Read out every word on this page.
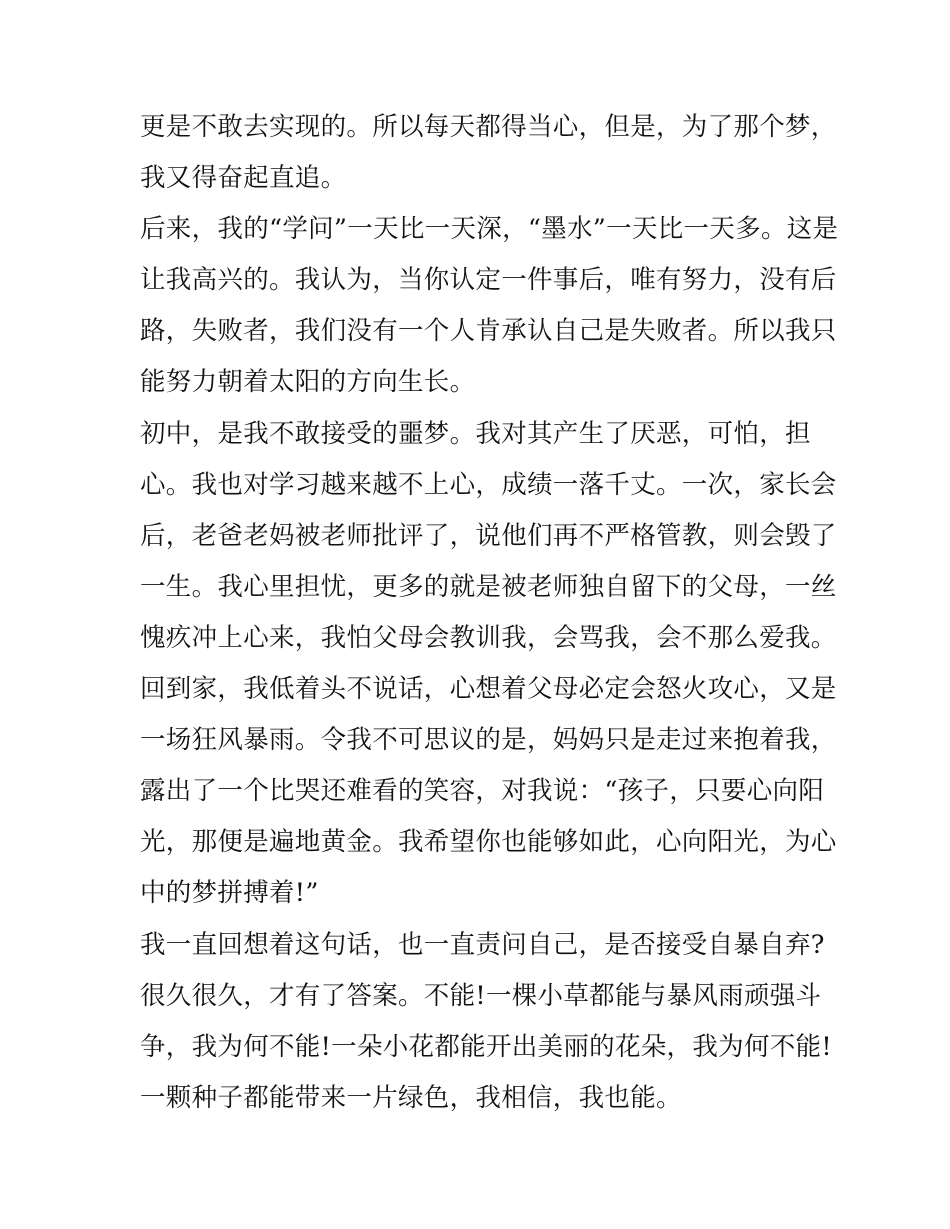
更是不敢去实现的。所以每天都得当心，但是，为了那个梦，
我又得奋起直追。
后来，我的“学问”一天比一天深，“墨水”一天比一天多。这是
让我高兴的。我认为，当你认定一件事后，唯有努力，没有后
路，失败者，我们没有一个人肯承认自己是失败者。所以我只
能努力朝着太阳的方向生长。
初中，是我不敢接受的噩梦。我对其产生了厌恶，可怕，担
心。我也对学习越来越不上心，成绩一落千丈。一次，家长会
后，老爸老妈被老师批评了，说他们再不严格管教，则会毁了
一生。我心里担忧，更多的就是被老师独自留下的父母，一丝
愧疚冲上心来，我怕父母会教训我，会骂我，会不那么爱我。
回到家，我低着头不说话，心想着父母必定会怒火攻心，又是
一场狂风暴雨。令我不可思议的是，妈妈只是走过来抱着我，
露出了一个比哭还难看的笑容，对我说：“孩子，只要心向阳
光，那便是遍地黄金。我希望你也能够如此，心向阳光，为心
中的梦拼搏着!”
我一直回想着这句话，也一直责问自己，是否接受自暴自弃?
很久很久，才有了答案。不能!一棵小草都能与暴风雨顽强斗
争，我为何不能!一朵小花都能开出美丽的花朵，我为何不能!
一颗种子都能带来一片绿色，我相信，我也能。
